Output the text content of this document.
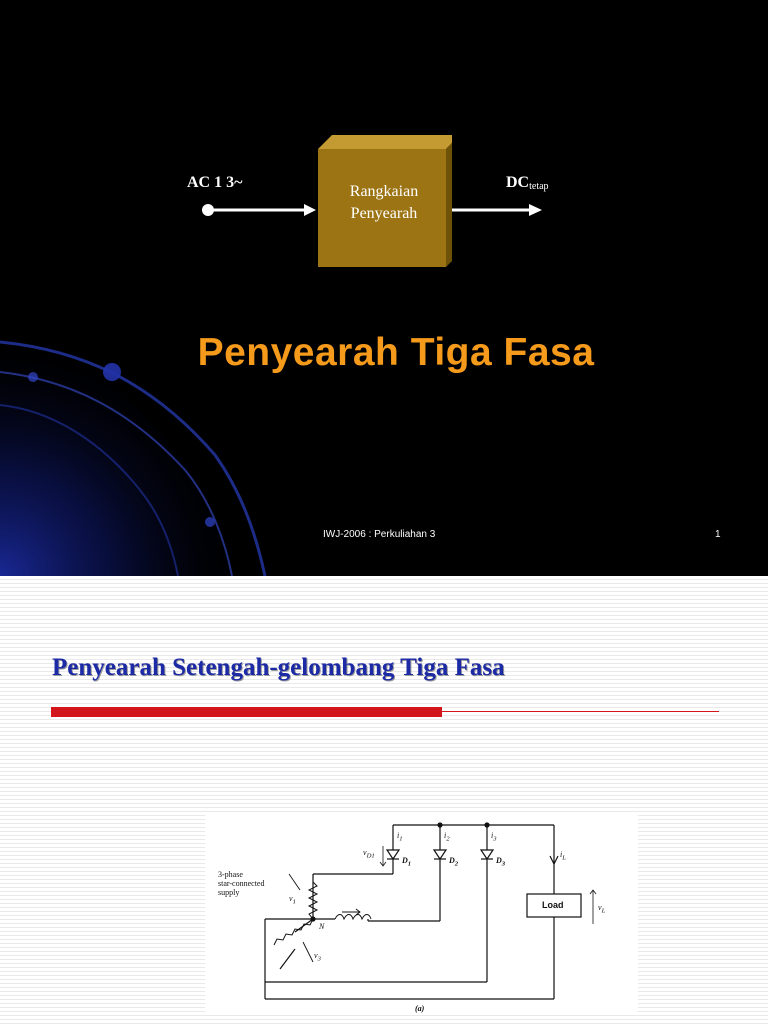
AC 1 3~	$DC_{tetap}$
Rangkaian
Penyearah
Penyearah Tiga Fasa
IWJ-2006 : Perkuliahan 3	1
Penyearah Setengah-gelombang Tiga Fasa
3-phase
star-connected
supply
$i_1$	$i_2$	$i_3$
$i_L$
$v_{D1}$	$D_1$	$D_2$	$D_3$
$v_1$
$v_3$
$v_L$
N
Load
(a)
